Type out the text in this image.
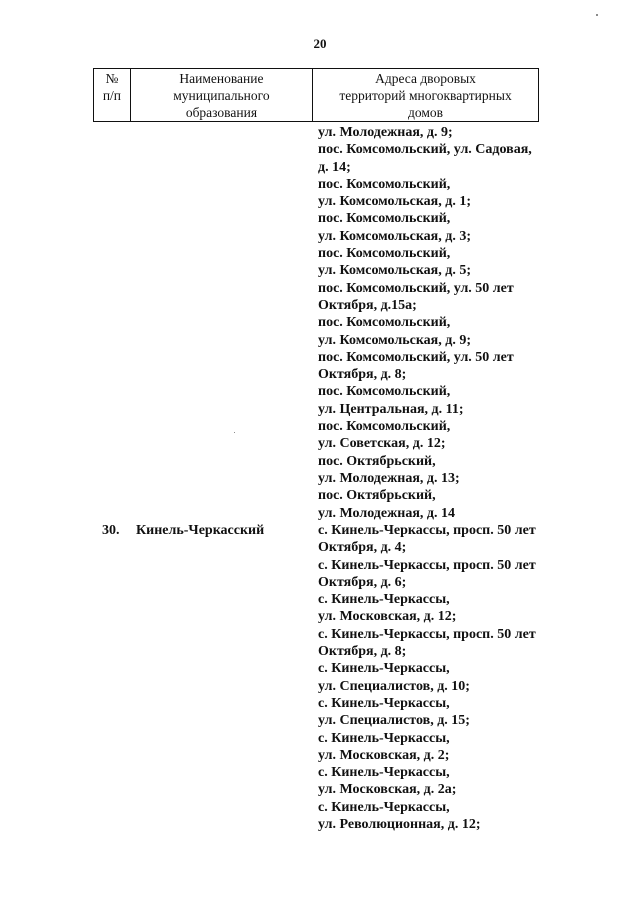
20
№
п/п
Наименование
муниципального
образования
Адреса дворовых
территорий многоквартирных
домов
ул. Молодежная, д. 9;
пос. Комсомольский, ул. Садовая,
д. 14;
пос. Комсомольский,
ул. Комсомольская, д. 1;
пос. Комсомольский,
ул. Комсомольская, д. 3;
пос. Комсомольский,
ул. Комсомольская, д. 5;
пос. Комсомольский, ул. 50 лет
Октября, д.15а;
пос. Комсомольский,
ул. Комсомольская, д. 9;
пос. Комсомольский, ул. 50 лет
Октября, д. 8;
пос. Комсомольский,
ул. Центральная, д. 11;
пос. Комсомольский,
ул. Советская, д. 12;
пос. Октябрьский,
ул. Молодежная, д. 13;
пос. Октябрьский,
ул. Молодежная, д. 14
30. Кинель-Черкасский	с. Кинель-Черкассы, просп. 50 лет
Октября, д. 4;
с. Кинель-Черкассы, просп. 50 лет
Октября, д. 6;
с. Кинель-Черкассы,
ул. Московская, д. 12;
с. Кинель-Черкассы, просп. 50 лет
Октября, д. 8;
с. Кинель-Черкассы,
ул. Специалистов, д. 10;
с. Кинель-Черкассы,
ул. Специалистов, д. 15;
с. Кинель-Черкассы,
ул. Московская, д. 2;
с. Кинель-Черкассы,
ул. Московская, д. 2а;
с. Кинель-Черкассы,
ул. Революционная, д. 12;
